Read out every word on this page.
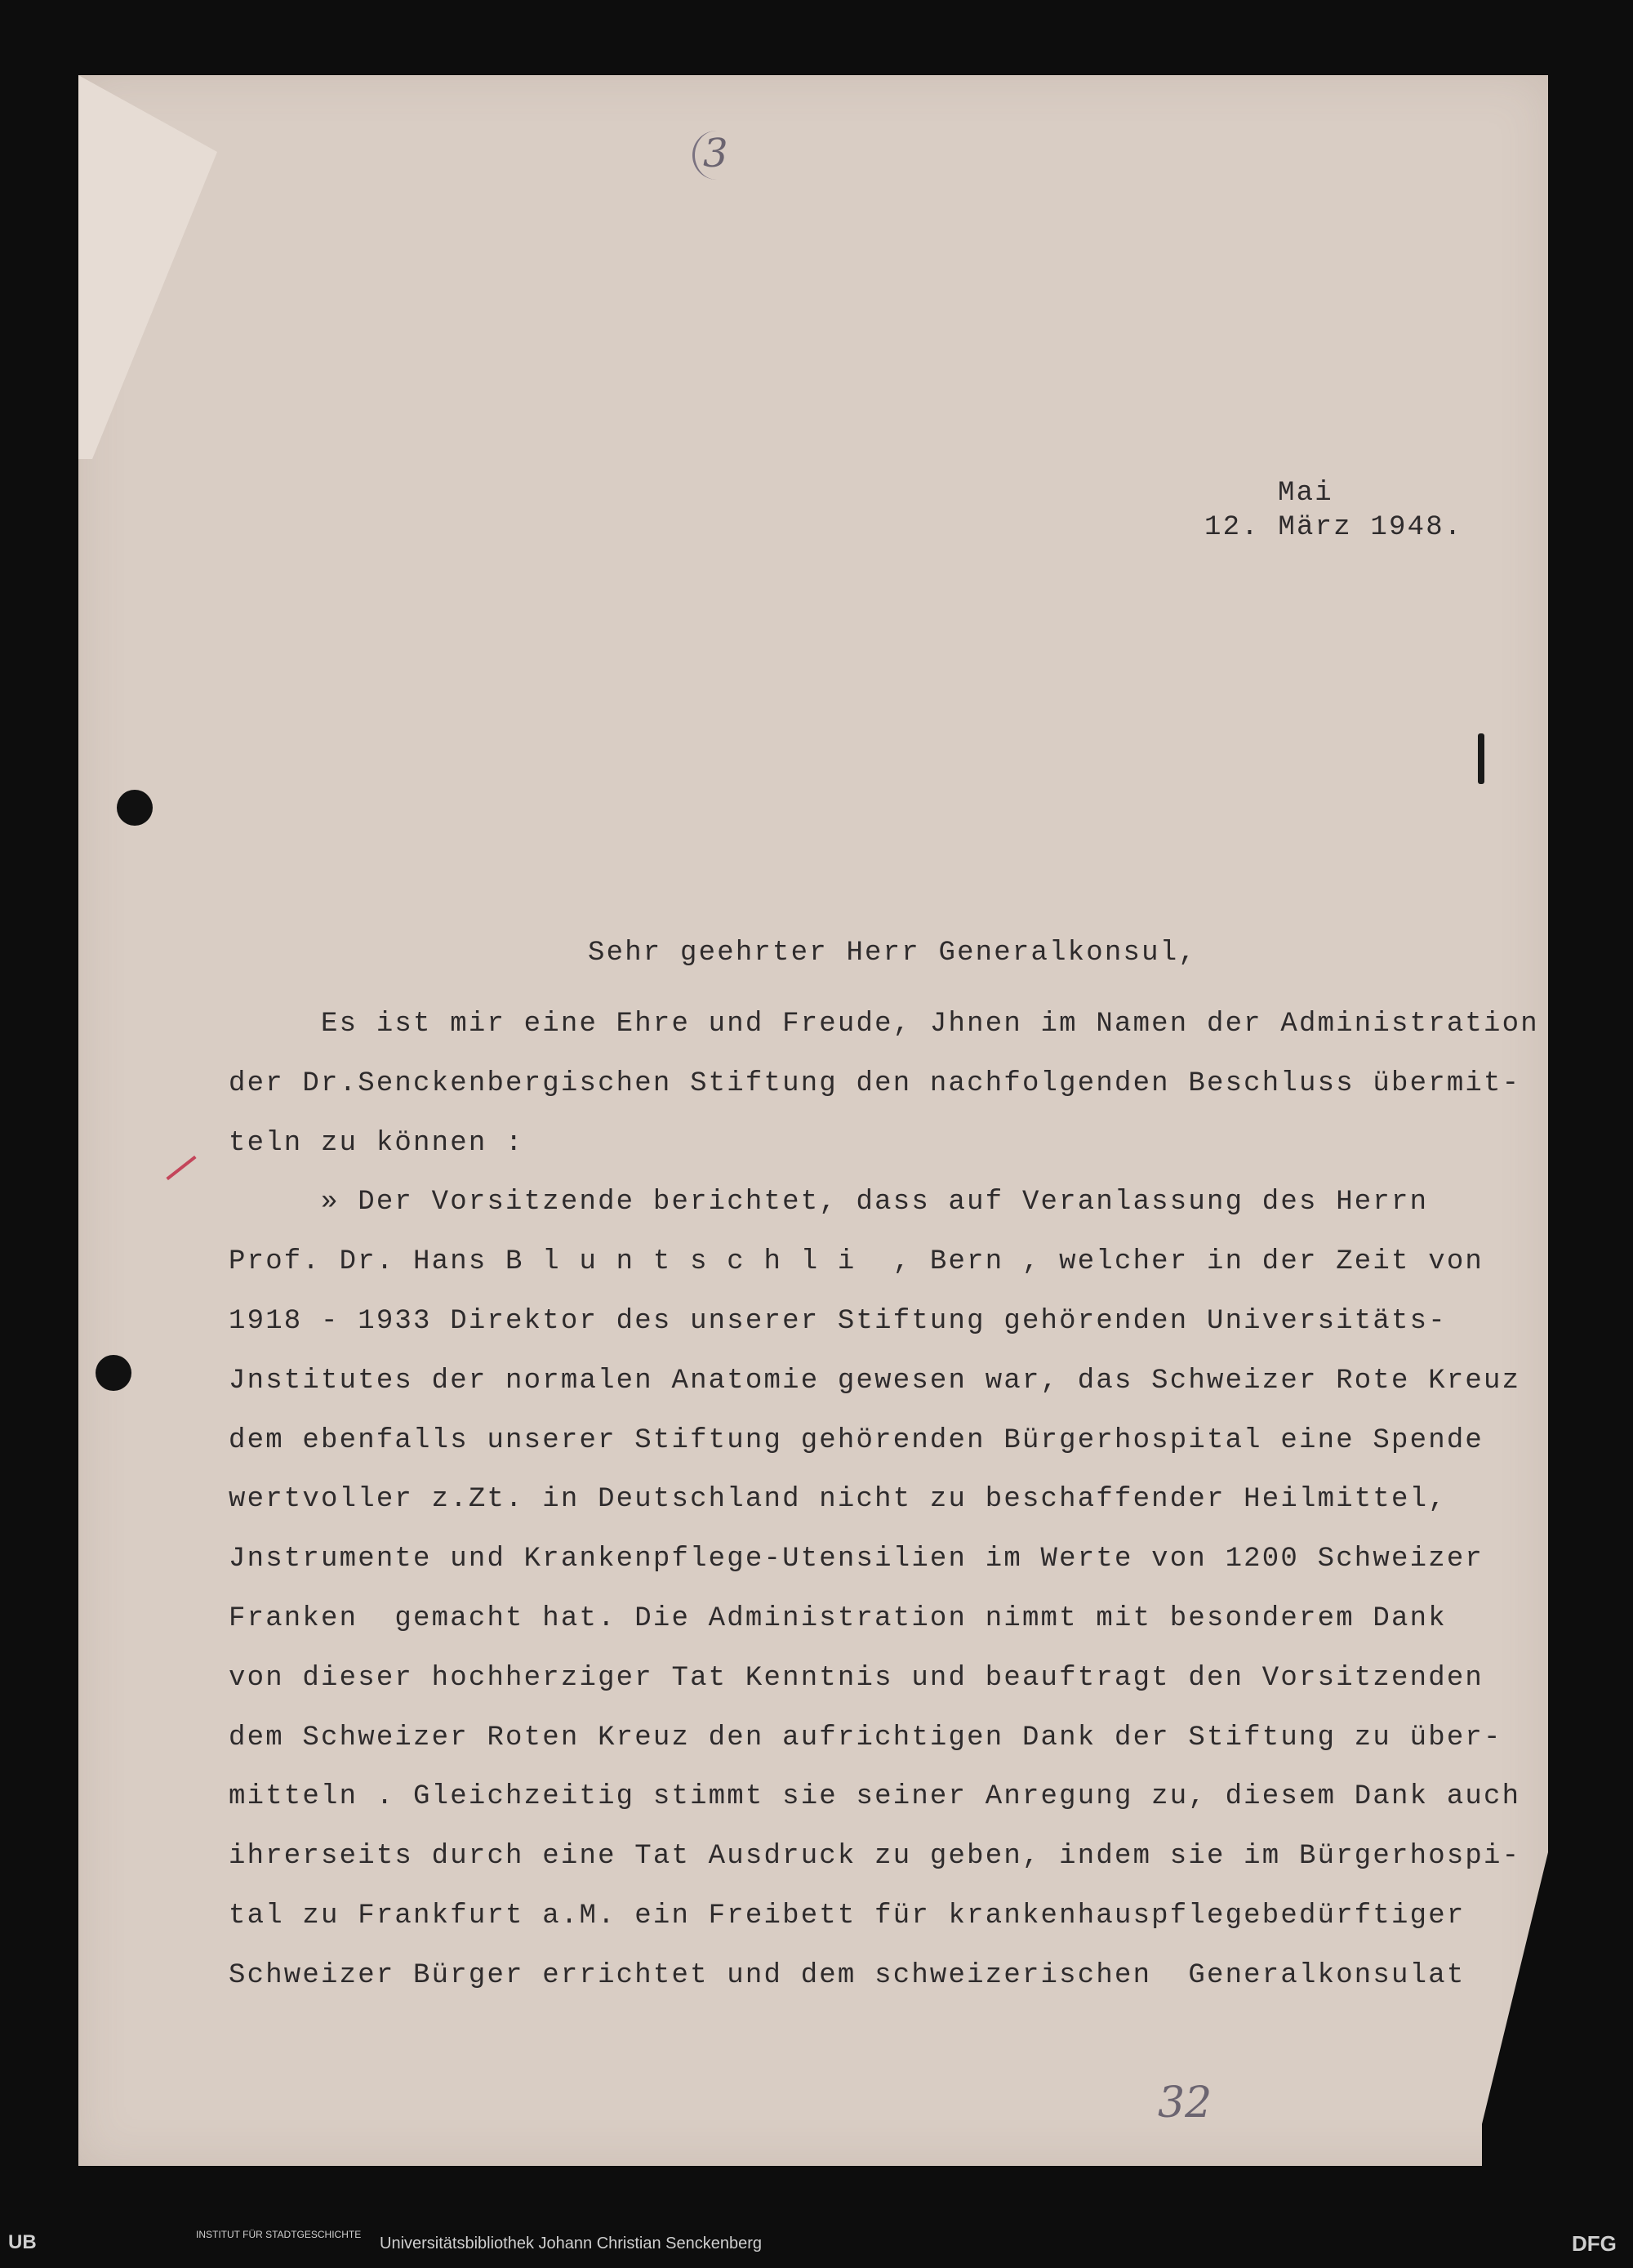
3
Mai
12. März 1948.
Sehr geehrter Herr Generalkonsul,
Es ist mir eine Ehre und Freude, Jhnen im Namen der Administration
der Dr.Senckenbergischen Stiftung den nachfolgenden Beschluss übermit-
teln zu können :
» Der Vorsitzende berichtet, dass auf Veranlassung des Herrn
Prof. Dr. Hans B l u n t s c h l i  , Bern , welcher in der Zeit von
1918 - 1933 Direktor des unserer Stiftung gehörenden Universitäts-
Jnstitutes der normalen Anatomie gewesen war, das Schweizer Rote Kreuz
dem ebenfalls unserer Stiftung gehörenden Bürgerhospital eine Spende
wertvoller z.Zt. in Deutschland nicht zu beschaffender Heilmittel,
Jnstrumente und Krankenpflege-Utensilien im Werte von 1200 Schweizer
Franken  gemacht hat. Die Administration nimmt mit besonderem Dank
von dieser hochherziger Tat Kenntnis und beauftragt den Vorsitzenden
dem Schweizer Roten Kreuz den aufrichtigen Dank der Stiftung zu über-
mitteln . Gleichzeitig stimmt sie seiner Anregung zu, diesem Dank auch
ihrerseits durch eine Tat Ausdruck zu geben, indem sie im Bürgerhospi-
tal zu Frankfurt a.M. ein Freibett für krankenhauspflegebedürftiger
Schweizer Bürger errichtet und dem schweizerischen  Generalkonsulat
32
UB	INSTITUT FÜR STADTGESCHICHTE Universitätsbibliothek Johann Christian Senckenberg	DFG
